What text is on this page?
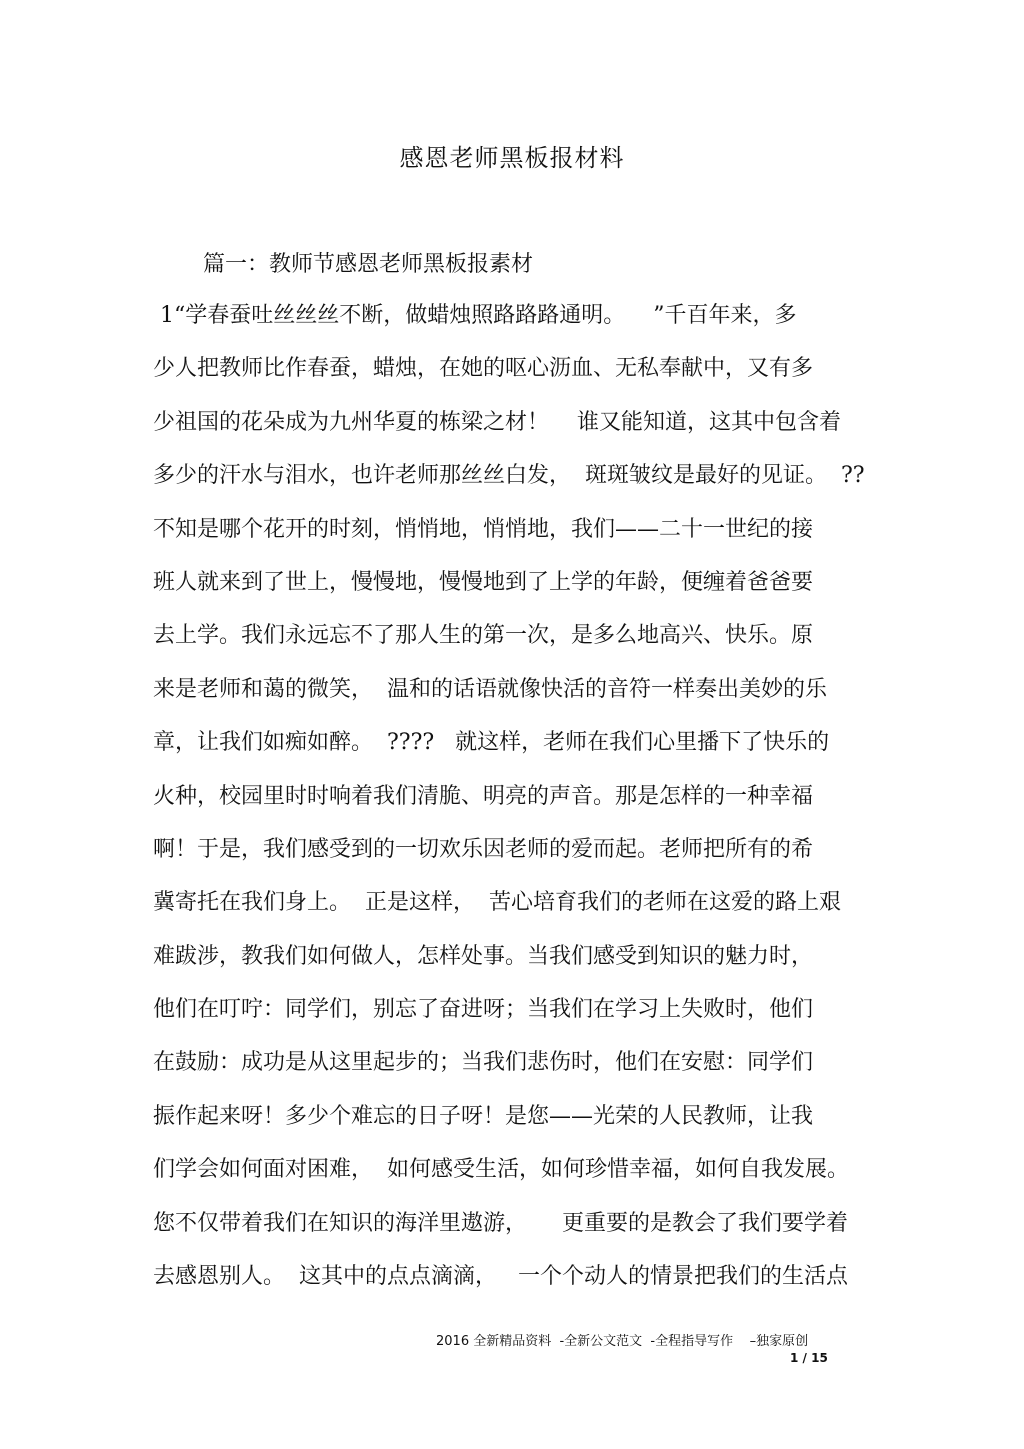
感恩老师黑板报材料
篇一：教师节感恩老师黑板报素材
1“学春蚕吐丝丝丝不断，做蜡烛照路路路通明。    ”千百年来，多
少人把教师比作春蚕，蜡烛，在她的呕心沥血、无私奉献中，又有多
少祖国的花朵成为九州华夏的栋梁之材！    谁又能知道，这其中包含着
多少的汗水与泪水，也许老师那丝丝白发，  斑斑皱纹是最好的见证。  ??
不知是哪个花开的时刻，悄悄地，悄悄地，我们——二十一世纪的接
班人就来到了世上，慢慢地，慢慢地到了上学的年龄，便缠着爸爸要
去上学。我们永远忘不了那人生的第一次，是多么地高兴、快乐。原
来是老师和蔼的微笑，  温和的话语就像快活的音符一样奏出美妙的乐
章，让我们如痴如醉。  ????   就这样，老师在我们心里播下了快乐的
火种，校园里时时响着我们清脆、明亮的声音。那是怎样的一种幸福
啊！于是，我们感受到的一切欢乐因老师的爱而起。老师把所有的希
冀寄托在我们身上。  正是这样，  苦心培育我们的老师在这爱的路上艰
难跋涉，教我们如何做人，怎样处事。当我们感受到知识的魅力时，
他们在叮咛：同学们，别忘了奋进呀；当我们在学习上失败时，他们
在鼓励：成功是从这里起步的；当我们悲伤时，他们在安慰：同学们
振作起来呀！多少个难忘的日子呀！是您——光荣的人民教师，让我
们学会如何面对困难，  如何感受生活，如何珍惜幸福，如何自我发展。
您不仅带着我们在知识的海洋里遨游，     更重要的是教会了我们要学着
去感恩别人。  这其中的点点滴滴，   一个个动人的情景把我们的生活点
2016 全新精品资料  -全新公文范文  -全程指导写作    –独家原创
1 / 15
